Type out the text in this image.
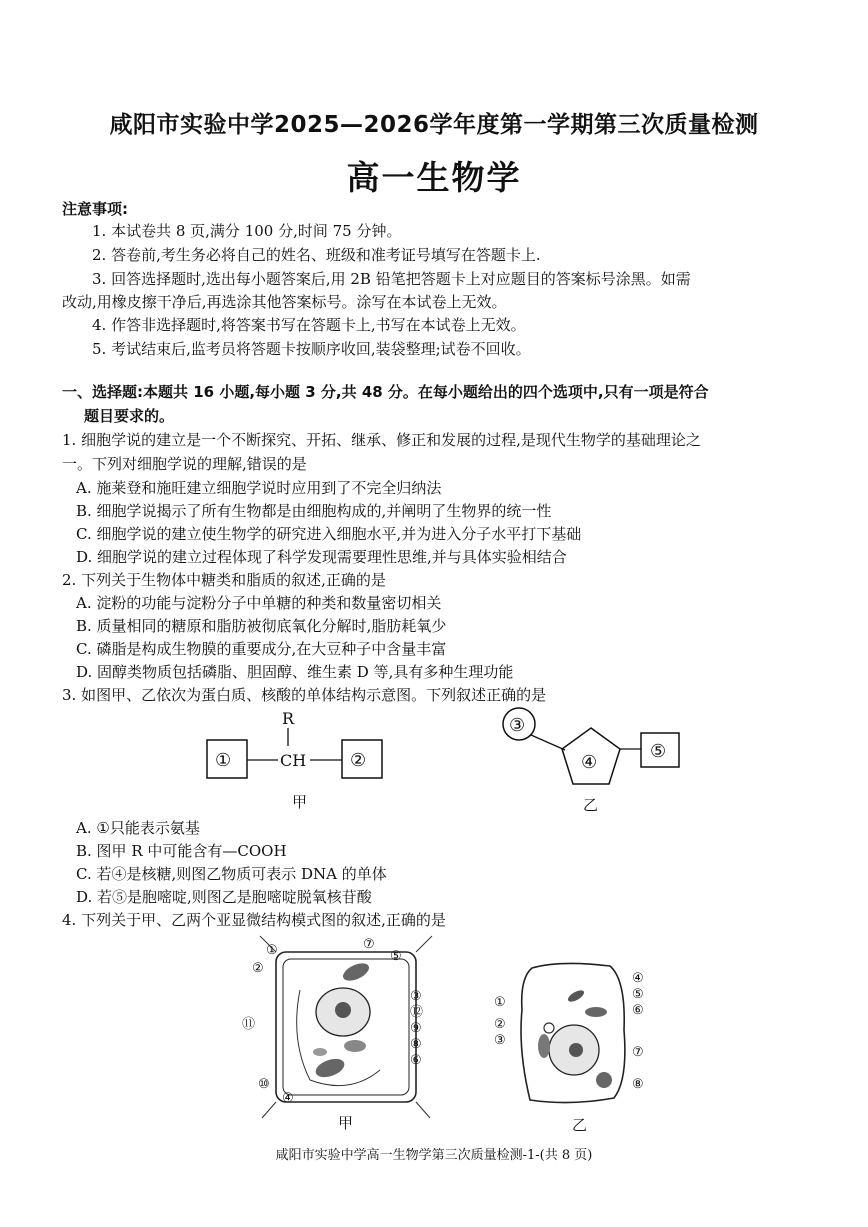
咸阳市实验中学2025—2026学年度第一学期第三次质量检测
高一生物学
注意事项:
1. 本试卷共 8 页,满分 100 分,时间 75 分钟。
2. 答卷前,考生务必将自己的姓名、班级和准考证号填写在答题卡上.
3. 回答选择题时,选出每小题答案后,用 2B 铅笔把答题卡上对应题目的答案标号涂黑。如需
改动,用橡皮擦干净后,再选涂其他答案标号。涂写在本试卷上无效。
4. 作答非选择题时,将答案书写在答题卡上,书写在本试卷上无效。
5. 考试结束后,监考员将答题卡按顺序收回,装袋整理;试卷不回收。
一、选择题:本题共 16 小题,每小题 3 分,共 48 分。在每小题给出的四个选项中,只有一项是符合
题目要求的。
1. 细胞学说的建立是一个不断探究、开拓、继承、修正和发展的过程,是现代生物学的基础理论之
一。下列对细胞学说的理解,错误的是
A. 施莱登和施旺建立细胞学说时应用到了不完全归纳法
B. 细胞学说揭示了所有生物都是由细胞构成的,并阐明了生物界的统一性
C. 细胞学说的建立使生物学的研究进入细胞水平,并为进入分子水平打下基础
D. 细胞学说的建立过程体现了科学发现需要理性思维,并与具体实验相结合
2. 下列关于生物体中糖类和脂质的叙述,正确的是
A. 淀粉的功能与淀粉分子中单糖的种类和数量密切相关
B. 质量相同的糖原和脂肪被彻底氧化分解时,脂肪耗氧少
C. 磷脂是构成生物膜的重要成分,在大豆种子中含量丰富
D. 固醇类物质包括磷脂、胆固醇、维生素 D 等,具有多种生理功能
3. 如图甲、乙依次为蛋白质、核酸的单体结构示意图。下列叙述正确的是
R
①	CH ②
甲
③
④
⑤
乙
A. ①只能表示氨基
B. 图甲 R 中可能含有—COOH
C. 若④是核糖,则图乙物质可表示 DNA 的单体
D. 若⑤是胞嘧啶,则图乙是胞嘧啶脱氧核苷酸
4. 下列关于甲、乙两个亚显微结构模式图的叙述,正确的是
①
②
⑦
⑤
③
⑫
⑪	⑨
⑧
⑥
⑩
④
甲
④
⑤
⑥
①
②
③
⑦
⑧
乙
咸阳市实验中学高一生物学第三次质量检测-1-(共 8 页)
